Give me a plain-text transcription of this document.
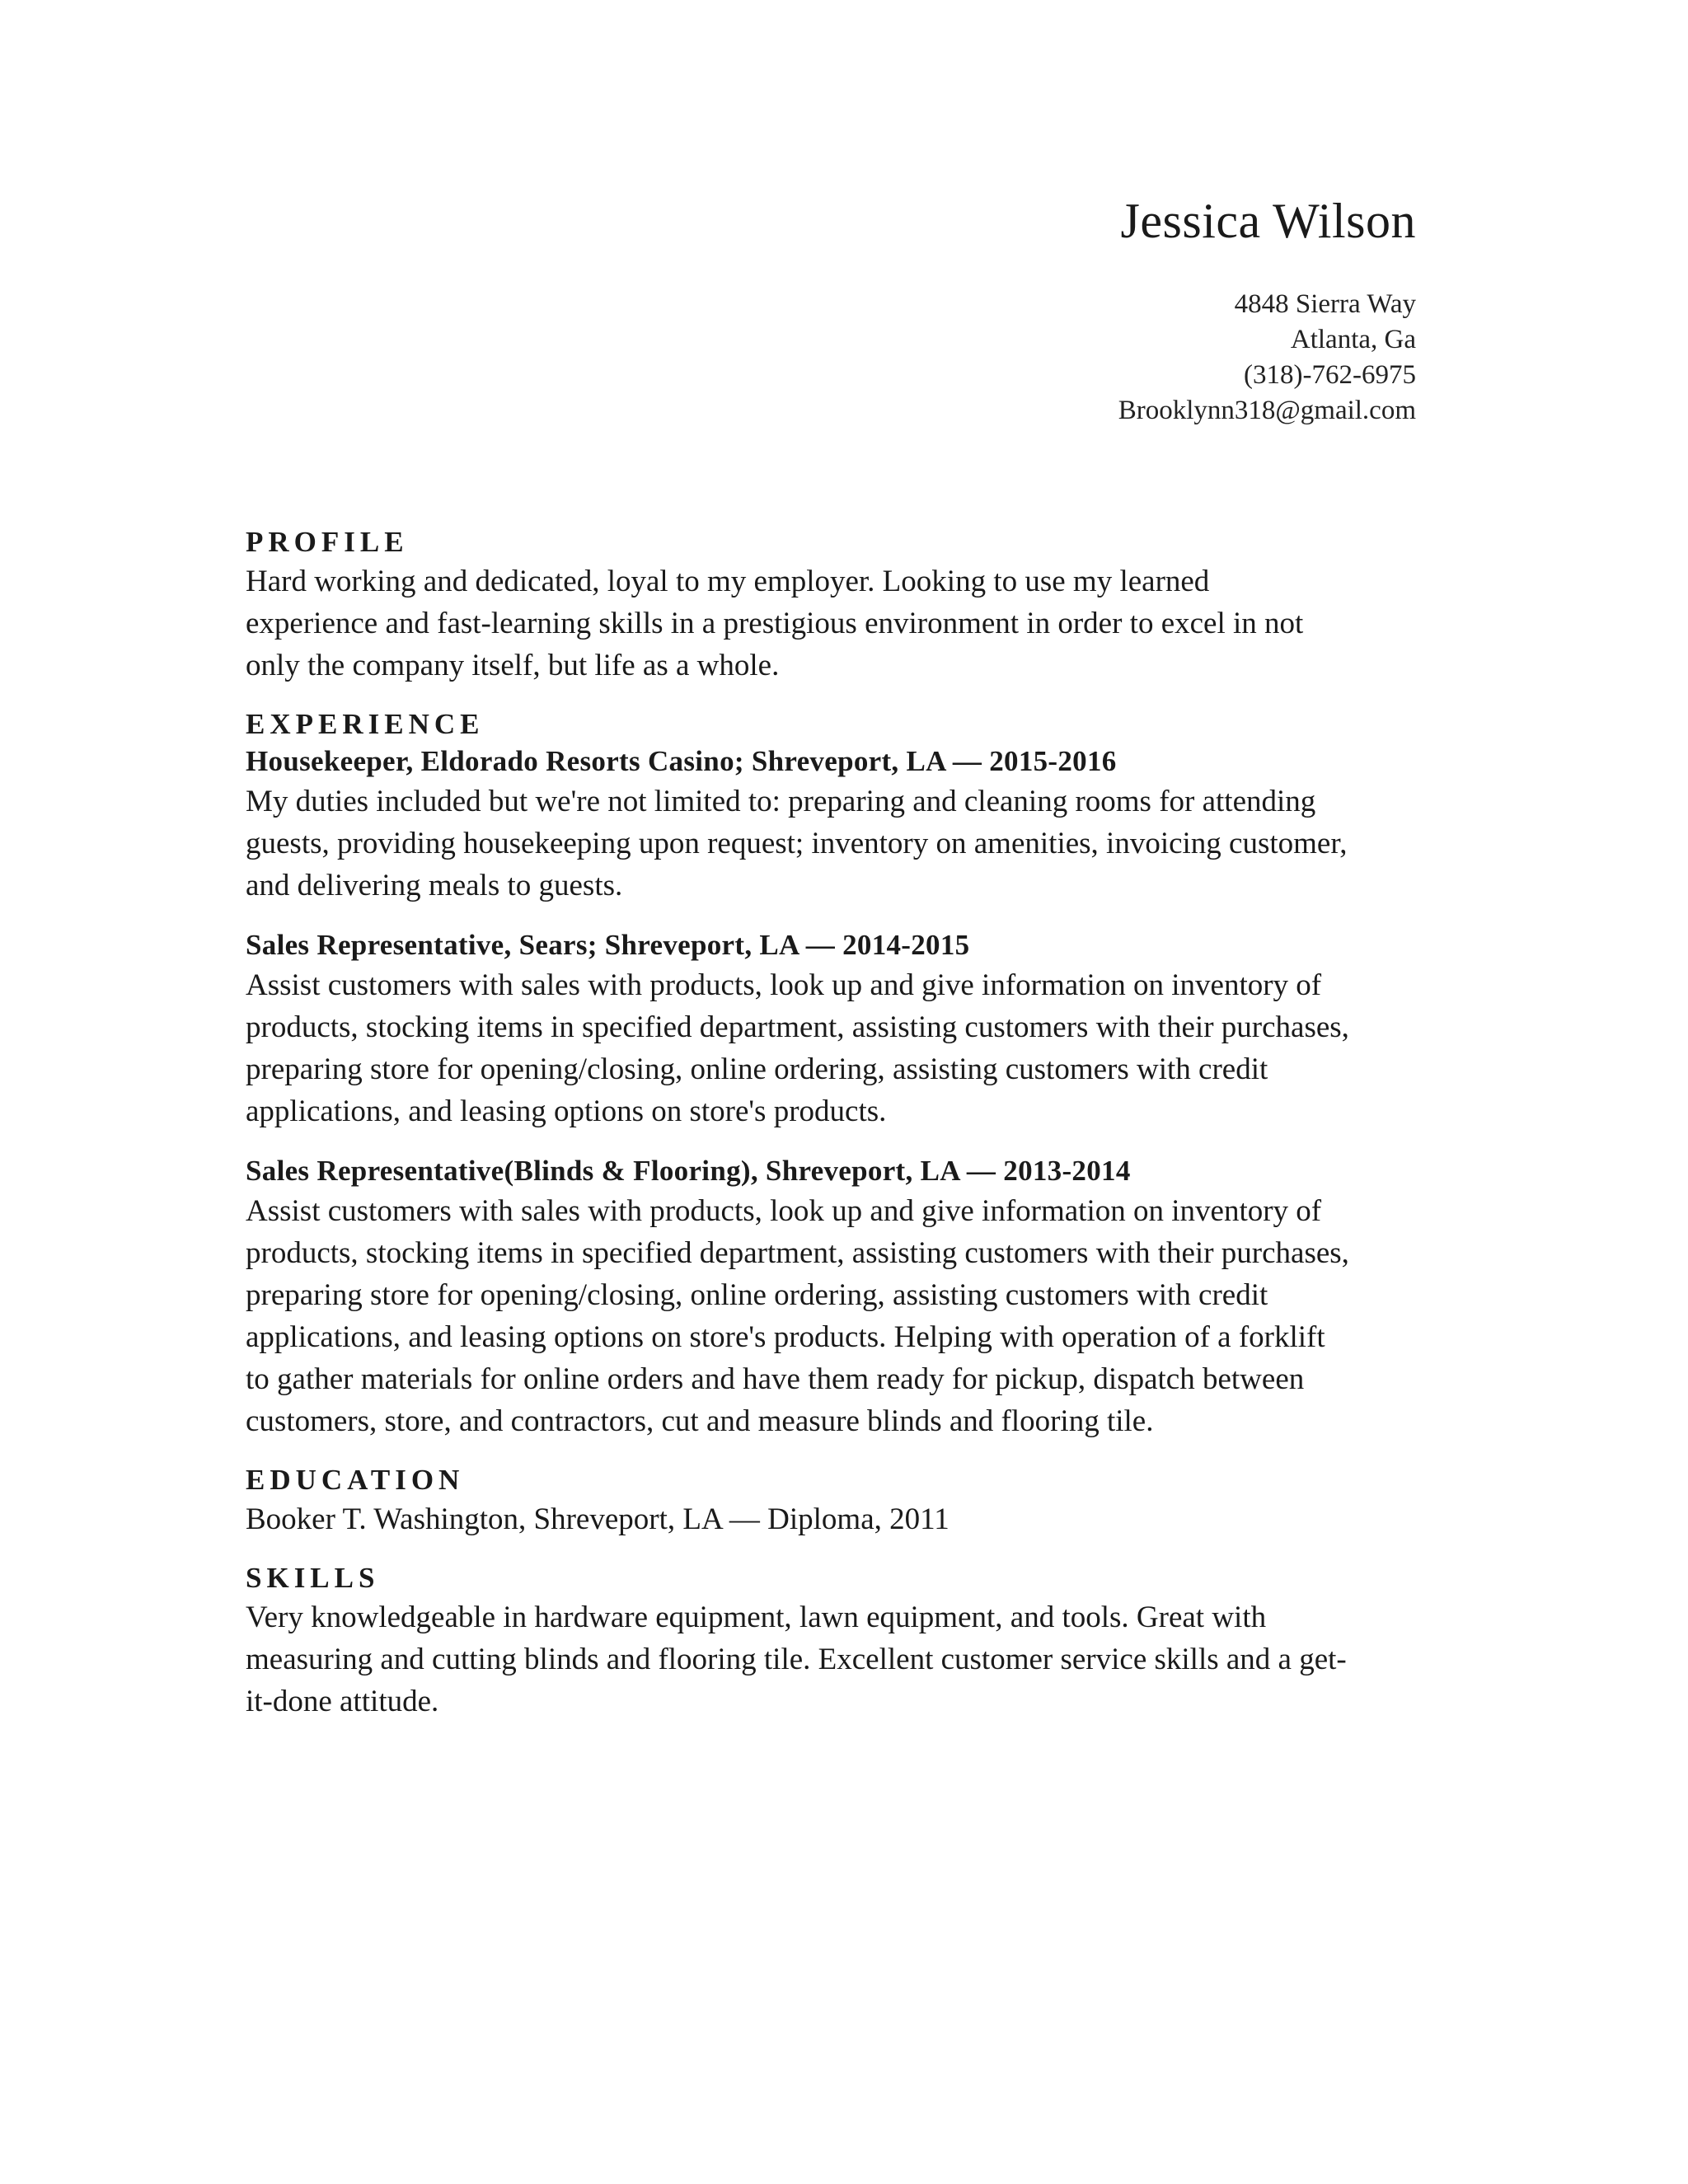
Jessica Wilson
4848 Sierra Way
Atlanta, Ga
(318)-762-6975
Brooklynn318@gmail.com
PROFILE

Hard working and dedicated, loyal to my employer. Looking to use my learned
experience and fast-learning skills in a prestigious environment in order to excel in not
only the company itself, but life as a whole.

EXPERIENCE
Housekeeper, Eldorado Resorts Casino; Shreveport, LA — 2015-2016

My duties included but we're not limited to: preparing and cleaning rooms for attending
guests, providing housekeeping upon request; inventory on amenities, invoicing customer,
and delivering meals to guests.

Sales Representative, Sears; Shreveport, LA — 2014-2015

Assist customers with sales with products, look up and give information on inventory of
products, stocking items in specified department, assisting customers with their purchases,
preparing store for opening/closing, online ordering, assisting customers with credit
applications, and leasing options on store's products.

Sales Representative(Blinds & Flooring), Shreveport, LA — 2013-2014

Assist customers with sales with products, look up and give information on inventory of
products, stocking items in specified department, assisting customers with their purchases,
preparing store for opening/closing, online ordering, assisting customers with credit
applications, and leasing options on store's products. Helping with operation of a forklift
to gather materials for online orders and have them ready for pickup, dispatch between
customers, store, and contractors, cut and measure blinds and flooring tile.

EDUCATION

Booker T. Washington, Shreveport, LA — Diploma, 2011

SKILLS

Very knowledgeable in hardware equipment, lawn equipment, and tools. Great with
measuring and cutting blinds and flooring tile. Excellent customer service skills and a get-
it-done attitude.
